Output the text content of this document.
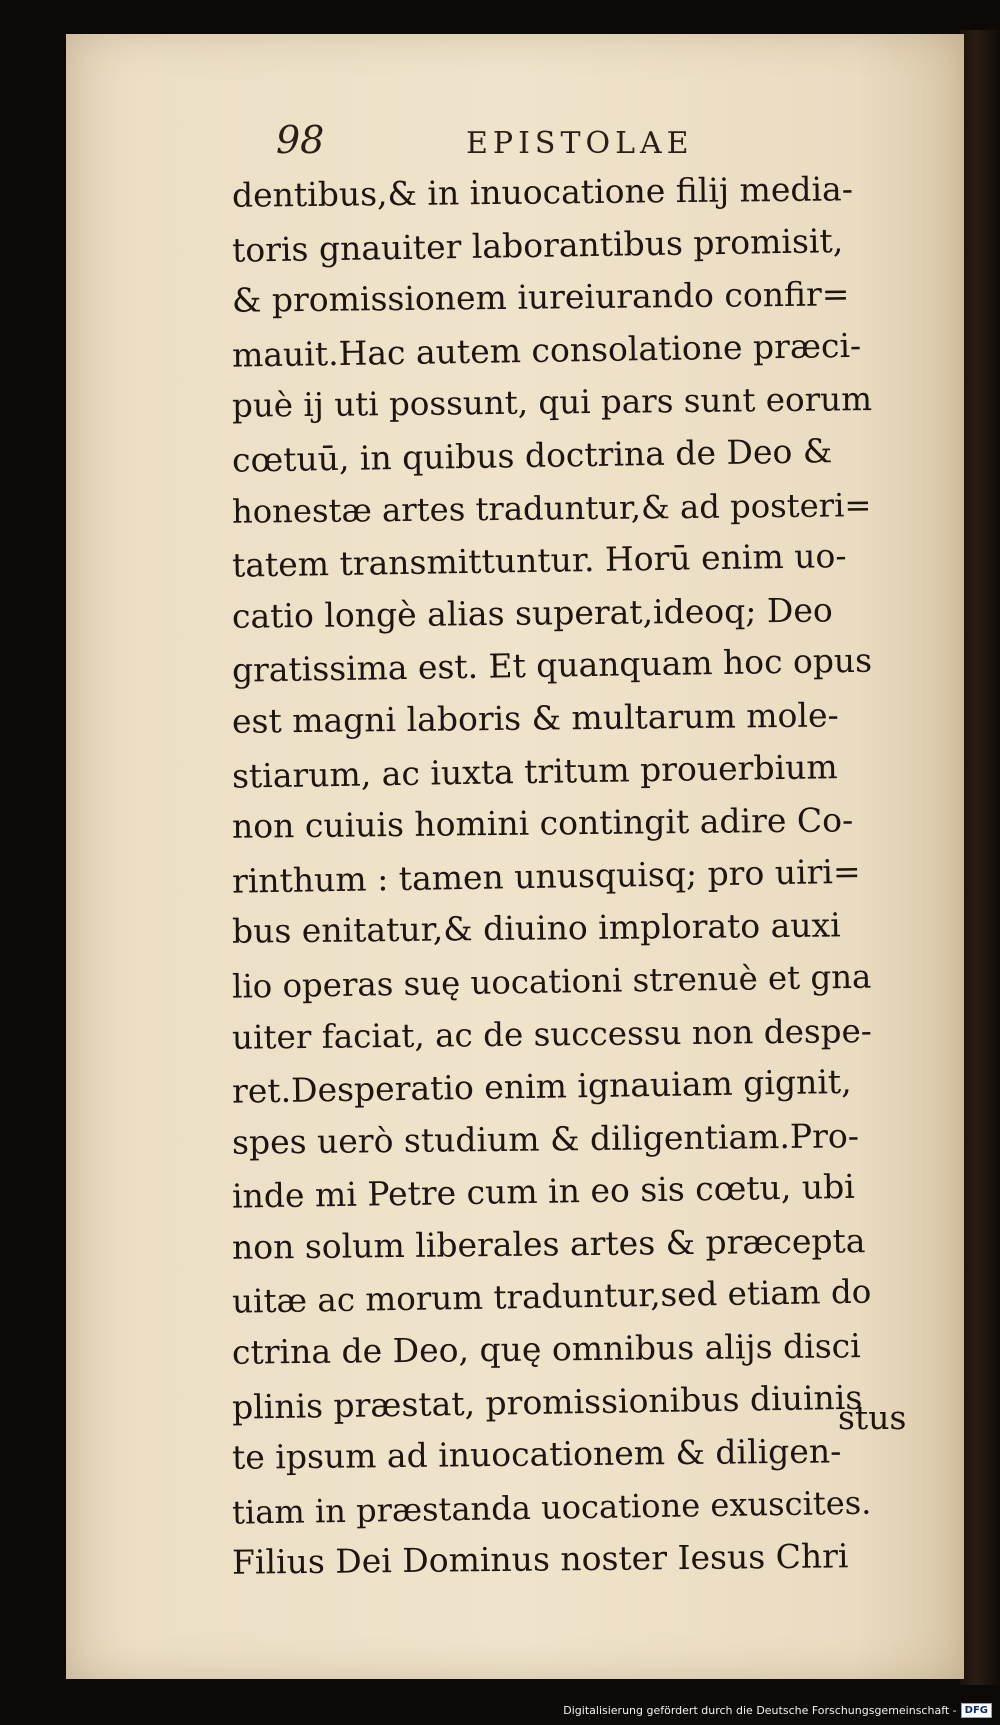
98	EPISTOLAE
dentibus,& in inuocatione filij media-
toris gnauiter laborantibus promisit,
& promissionem iureiurando confir=
mauit.Hac autem consolatione præci-
puè ij uti possunt, qui pars sunt eorum
cœtuū, in quibus doctrina de Deo &
honestæ artes traduntur,& ad posteri=
tatem transmittuntur. Horū enim uo-
catio longè alias superat,ideoq; Deo
gratissima est. Et quanquam hoc opus
est magni laboris & multarum mole-
stiarum, ac iuxta tritum prouerbium
non cuiuis homini contingit adire Co-
rinthum : tamen unusquisq; pro uiri=
bus enitatur,& diuino implorato auxi
lio operas suę uocationi strenuè et gna
uiter faciat, ac de successu non despe-
ret.Desperatio enim ignauiam gignit,
spes uerò studium & diligentiam.Pro-
inde mi Petre cum in eo sis cœtu, ubi
non solum liberales artes & præcepta
uitæ ac morum traduntur,sed etiam do
ctrina de Deo, quę omnibus alijs disci
plinis præstat, promissionibus diuinis
te ipsum ad inuocationem & diligen-
tiam in præstanda uocatione exuscites.
Filius Dei Dominus noster Iesus Chri
stus
Digitalisierung gefördert durch die Deutsche Forschungsgemeinschaft - DFG
